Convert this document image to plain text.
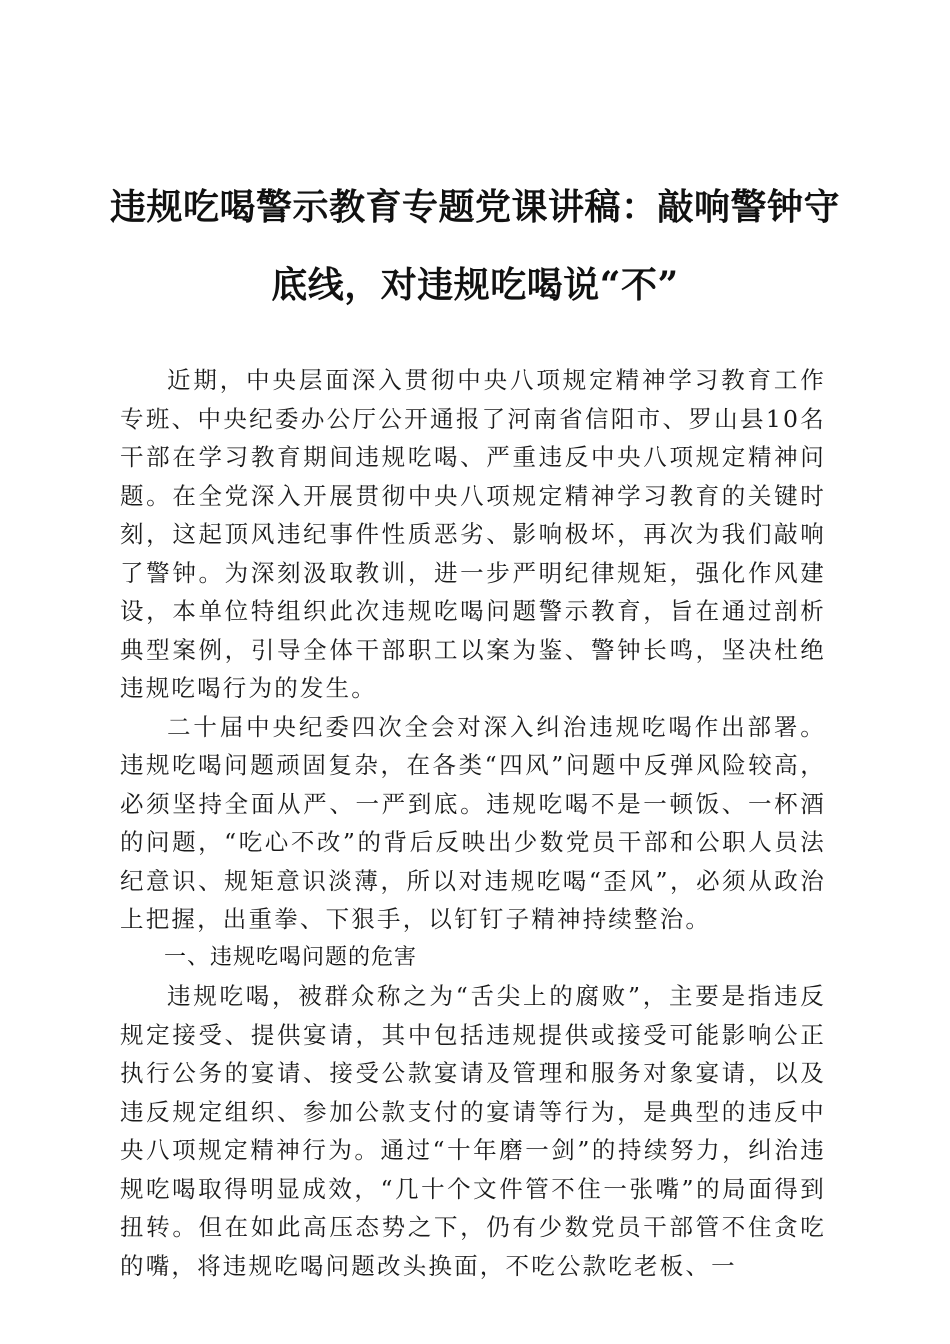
违规吃喝警示教育专题党课讲稿：敲响警钟守
底线，对违规吃喝说“不”

近期，中央层面深入贯彻中央八项规定精神学习教育工作专班、中央纪委办公厅公开通报了河南省信阳市、罗山县10名干部在学习教育期间违规吃喝、严重违反中央八项规定精神问题。在全党深入开展贯彻中央八项规定精神学习教育的关键时刻，这起顶风违纪事件性质恶劣、影响极坏，再次为我们敲响了警钟。为深刻汲取教训，进一步严明纪律规矩，强化作风建设，本单位特组织此次违规吃喝问题警示教育，旨在通过剖析典型案例，引导全体干部职工以案为鉴、警钟长鸣，坚决杜绝违规吃喝行为的发生。

二十届中央纪委四次全会对深入纠治违规吃喝作出部署。违规吃喝问题顽固复杂，在各类“四风”问题中反弹风险较高，必须坚持全面从严、一严到底。违规吃喝不是一顿饭、一杯酒的问题，“吃心不改”的背后反映出少数党员干部和公职人员法纪意识、规矩意识淡薄，所以对违规吃喝“歪风”，必须从政治上把握，出重拳、下狠手，以钉钉子精神持续整治。

一、违规吃喝问题的危害

违规吃喝，被群众称之为“舌尖上的腐败”，主要是指违反规定接受、提供宴请，其中包括违规提供或接受可能影响公正执行公务的宴请、接受公款宴请及管理和服务对象宴请，以及违反规定组织、参加公款支付的宴请等行为，是典型的违反中央八项规定精神行为。通过“十年磨一剑”的持续努力，纠治违规吃喝取得明显成效，“几十个文件管不住一张嘴”的局面得到扭转。但在如此高压态势之下，仍有少数党员干部管不住贪吃的嘴，将违规吃喝问题改头换面，不吃公款吃老板、一
